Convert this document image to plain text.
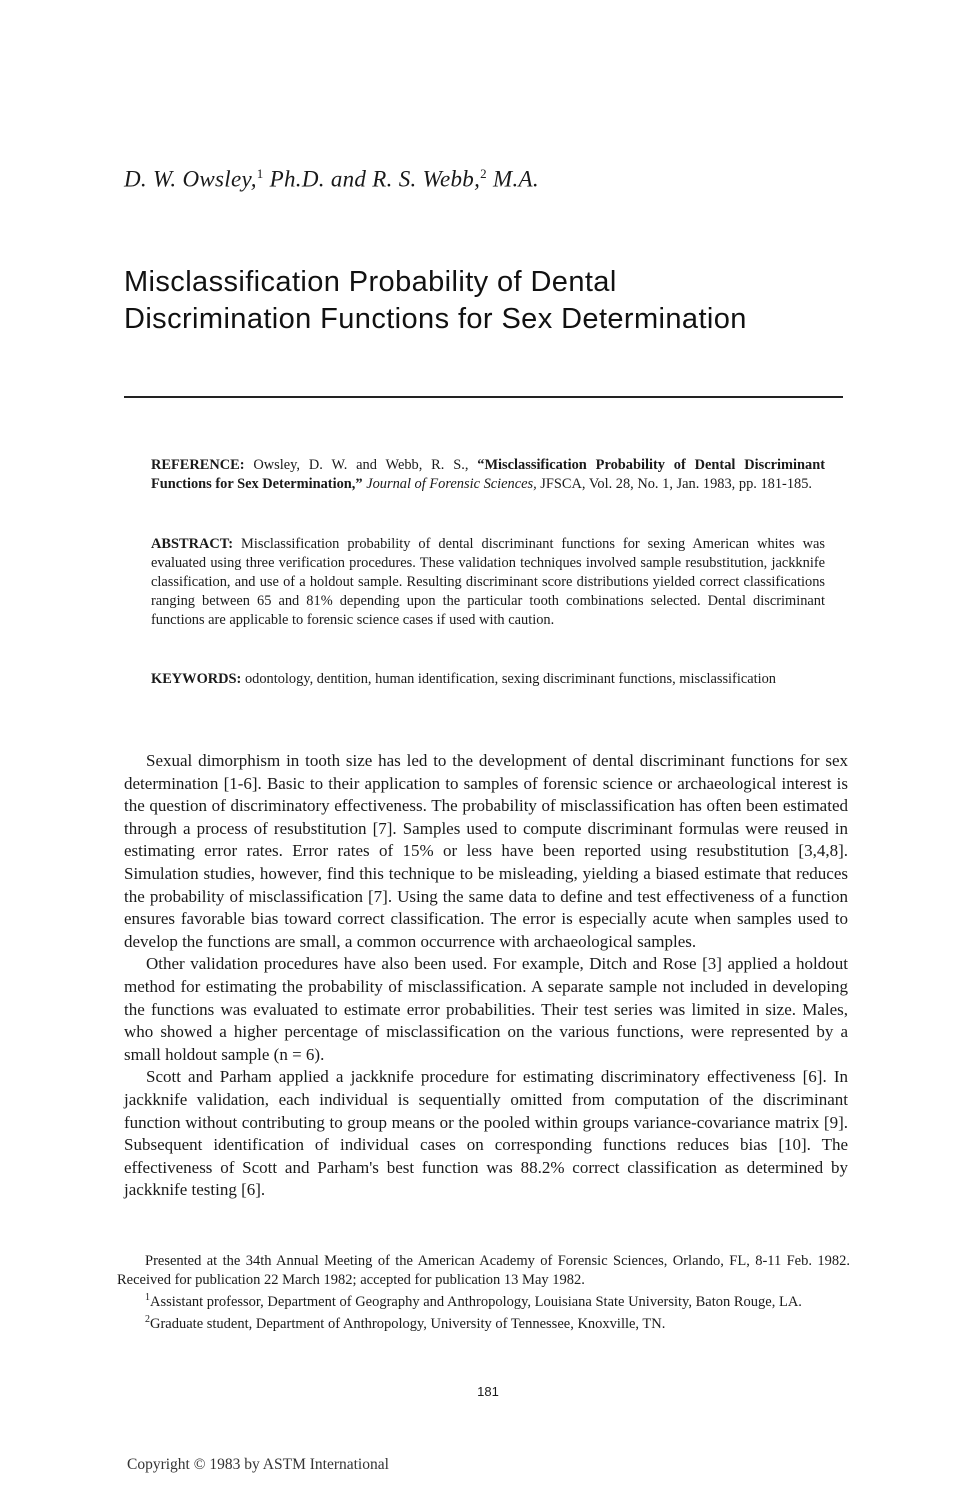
D. W. Owsley,$^1$ Ph.D. and R. S. Webb,$^2$ M.A.
Misclassification Probability of Dental
Discrimination Functions for Sex Determination
REFERENCE: Owsley, D. W. and Webb, R. S., “Misclassification Probability of Dental Discriminant Functions for Sex Determination,” Journal of Forensic Sciences, JFSCA, Vol. 28, No. 1, Jan. 1983, pp. 181-185.
ABSTRACT: Misclassification probability of dental discriminant functions for sexing American whites was evaluated using three verification procedures. These validation techniques involved sample resubstitution, jackknife classification, and use of a holdout sample. Resulting discriminant score distributions yielded correct classifications ranging between 65 and 81% depending upon the particular tooth combinations selected. Dental discriminant functions are applicable to forensic science cases if used with caution.
KEYWORDS: odontology, dentition, human identification, sexing discriminant functions, misclassification

Sexual dimorphism in tooth size has led to the development of dental discriminant functions for sex determination [1-6]. Basic to their application to samples of forensic science or archaeological interest is the question of discriminatory effectiveness. The probability of misclassification has often been estimated through a process of resubstitution [7]. Samples used to compute discriminant formulas were reused in estimating error rates. Error rates of 15% or less have been reported using resubstitution [3,4,8]. Simulation studies, however, find this technique to be misleading, yielding a biased estimate that reduces the probability of misclassification [7]. Using the same data to define and test effectiveness of a function ensures favorable bias toward correct classification. The error is especially acute when samples used to develop the functions are small, a common occurrence with archaeological samples.

Other validation procedures have also been used. For example, Ditch and Rose [3] applied a holdout method for estimating the probability of misclassification. A separate sample not included in developing the functions was evaluated to estimate error probabilities. Their test series was limited in size. Males, who showed a higher percentage of misclassification on the various functions, were represented by a small holdout sample (n = 6).

Scott and Parham applied a jackknife procedure for estimating discriminatory effectiveness [6]. In jackknife validation, each individual is sequentially omitted from computation of the discriminant function without contributing to group means or the pooled within groups variance-covariance matrix [9]. Subsequent identification of individual cases on corresponding functions reduces bias [10]. The effectiveness of Scott and Parham's best function was 88.2% correct classification as determined by jackknife testing [6].

Presented at the 34th Annual Meeting of the American Academy of Forensic Sciences, Orlando, FL, 8-11 Feb. 1982. Received for publication 22 March 1982; accepted for publication 13 May 1982.

$^1$Assistant professor, Department of Geography and Anthropology, Louisiana State University, Baton Rouge, LA.

$^2$Graduate student, Department of Anthropology, University of Tennessee, Knoxville, TN.

181
Copyright © 1983 by ASTM International
